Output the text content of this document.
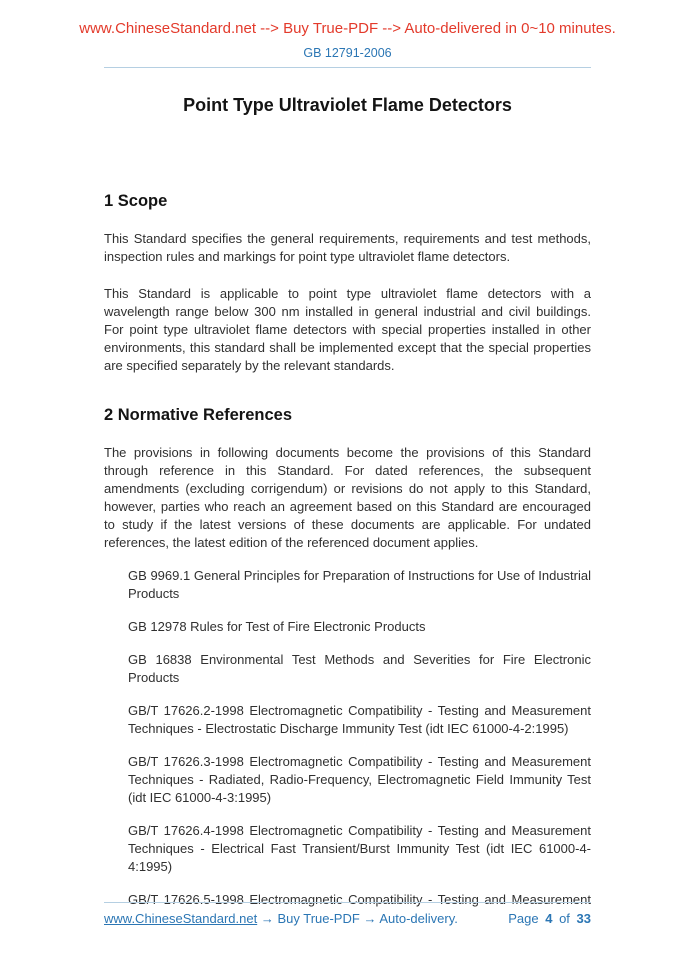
www.ChineseStandard.net --> Buy True-PDF --> Auto-delivered in 0~10 minutes.
GB 12791-2006
Point Type Ultraviolet Flame Detectors
1 Scope

This Standard specifies the general requirements, requirements and test methods, inspection rules and markings for point type ultraviolet flame detectors.

This Standard is applicable to point type ultraviolet flame detectors with a wavelength range below 300 nm installed in general industrial and civil buildings. For point type ultraviolet flame detectors with special properties installed in other environments, this standard shall be implemented except that the special properties are specified separately by the relevant standards.

2 Normative References

The provisions in following documents become the provisions of this Standard through reference in this Standard. For dated references, the subsequent amendments (excluding corrigendum) or revisions do not apply to this Standard, however, parties who reach an agreement based on this Standard are encouraged to study if the latest versions of these documents are applicable. For undated references, the latest edition of the referenced document applies.

GB 9969.1 General Principles for Preparation of Instructions for Use of Industrial Products

GB 12978 Rules for Test of Fire Electronic Products

GB 16838 Environmental Test Methods and Severities for Fire Electronic Products

GB/T 17626.2-1998 Electromagnetic Compatibility - Testing and Measurement Techniques - Electrostatic Discharge Immunity Test (idt IEC 61000-4-2:1995)

GB/T 17626.3-1998 Electromagnetic Compatibility - Testing and Measurement Techniques - Radiated, Radio-Frequency, Electromagnetic Field Immunity Test (idt IEC 61000-4-3:1995)

GB/T 17626.4-1998 Electromagnetic Compatibility - Testing and Measurement Techniques - Electrical Fast Transient/Burst Immunity Test (idt IEC 61000-4-4:1995)

GB/T 17626.5-1998 Electromagnetic Compatibility - Testing and Measurement

www.ChineseStandard.net → Buy True-PDF → Auto-delivery.	Page 4 of 33
